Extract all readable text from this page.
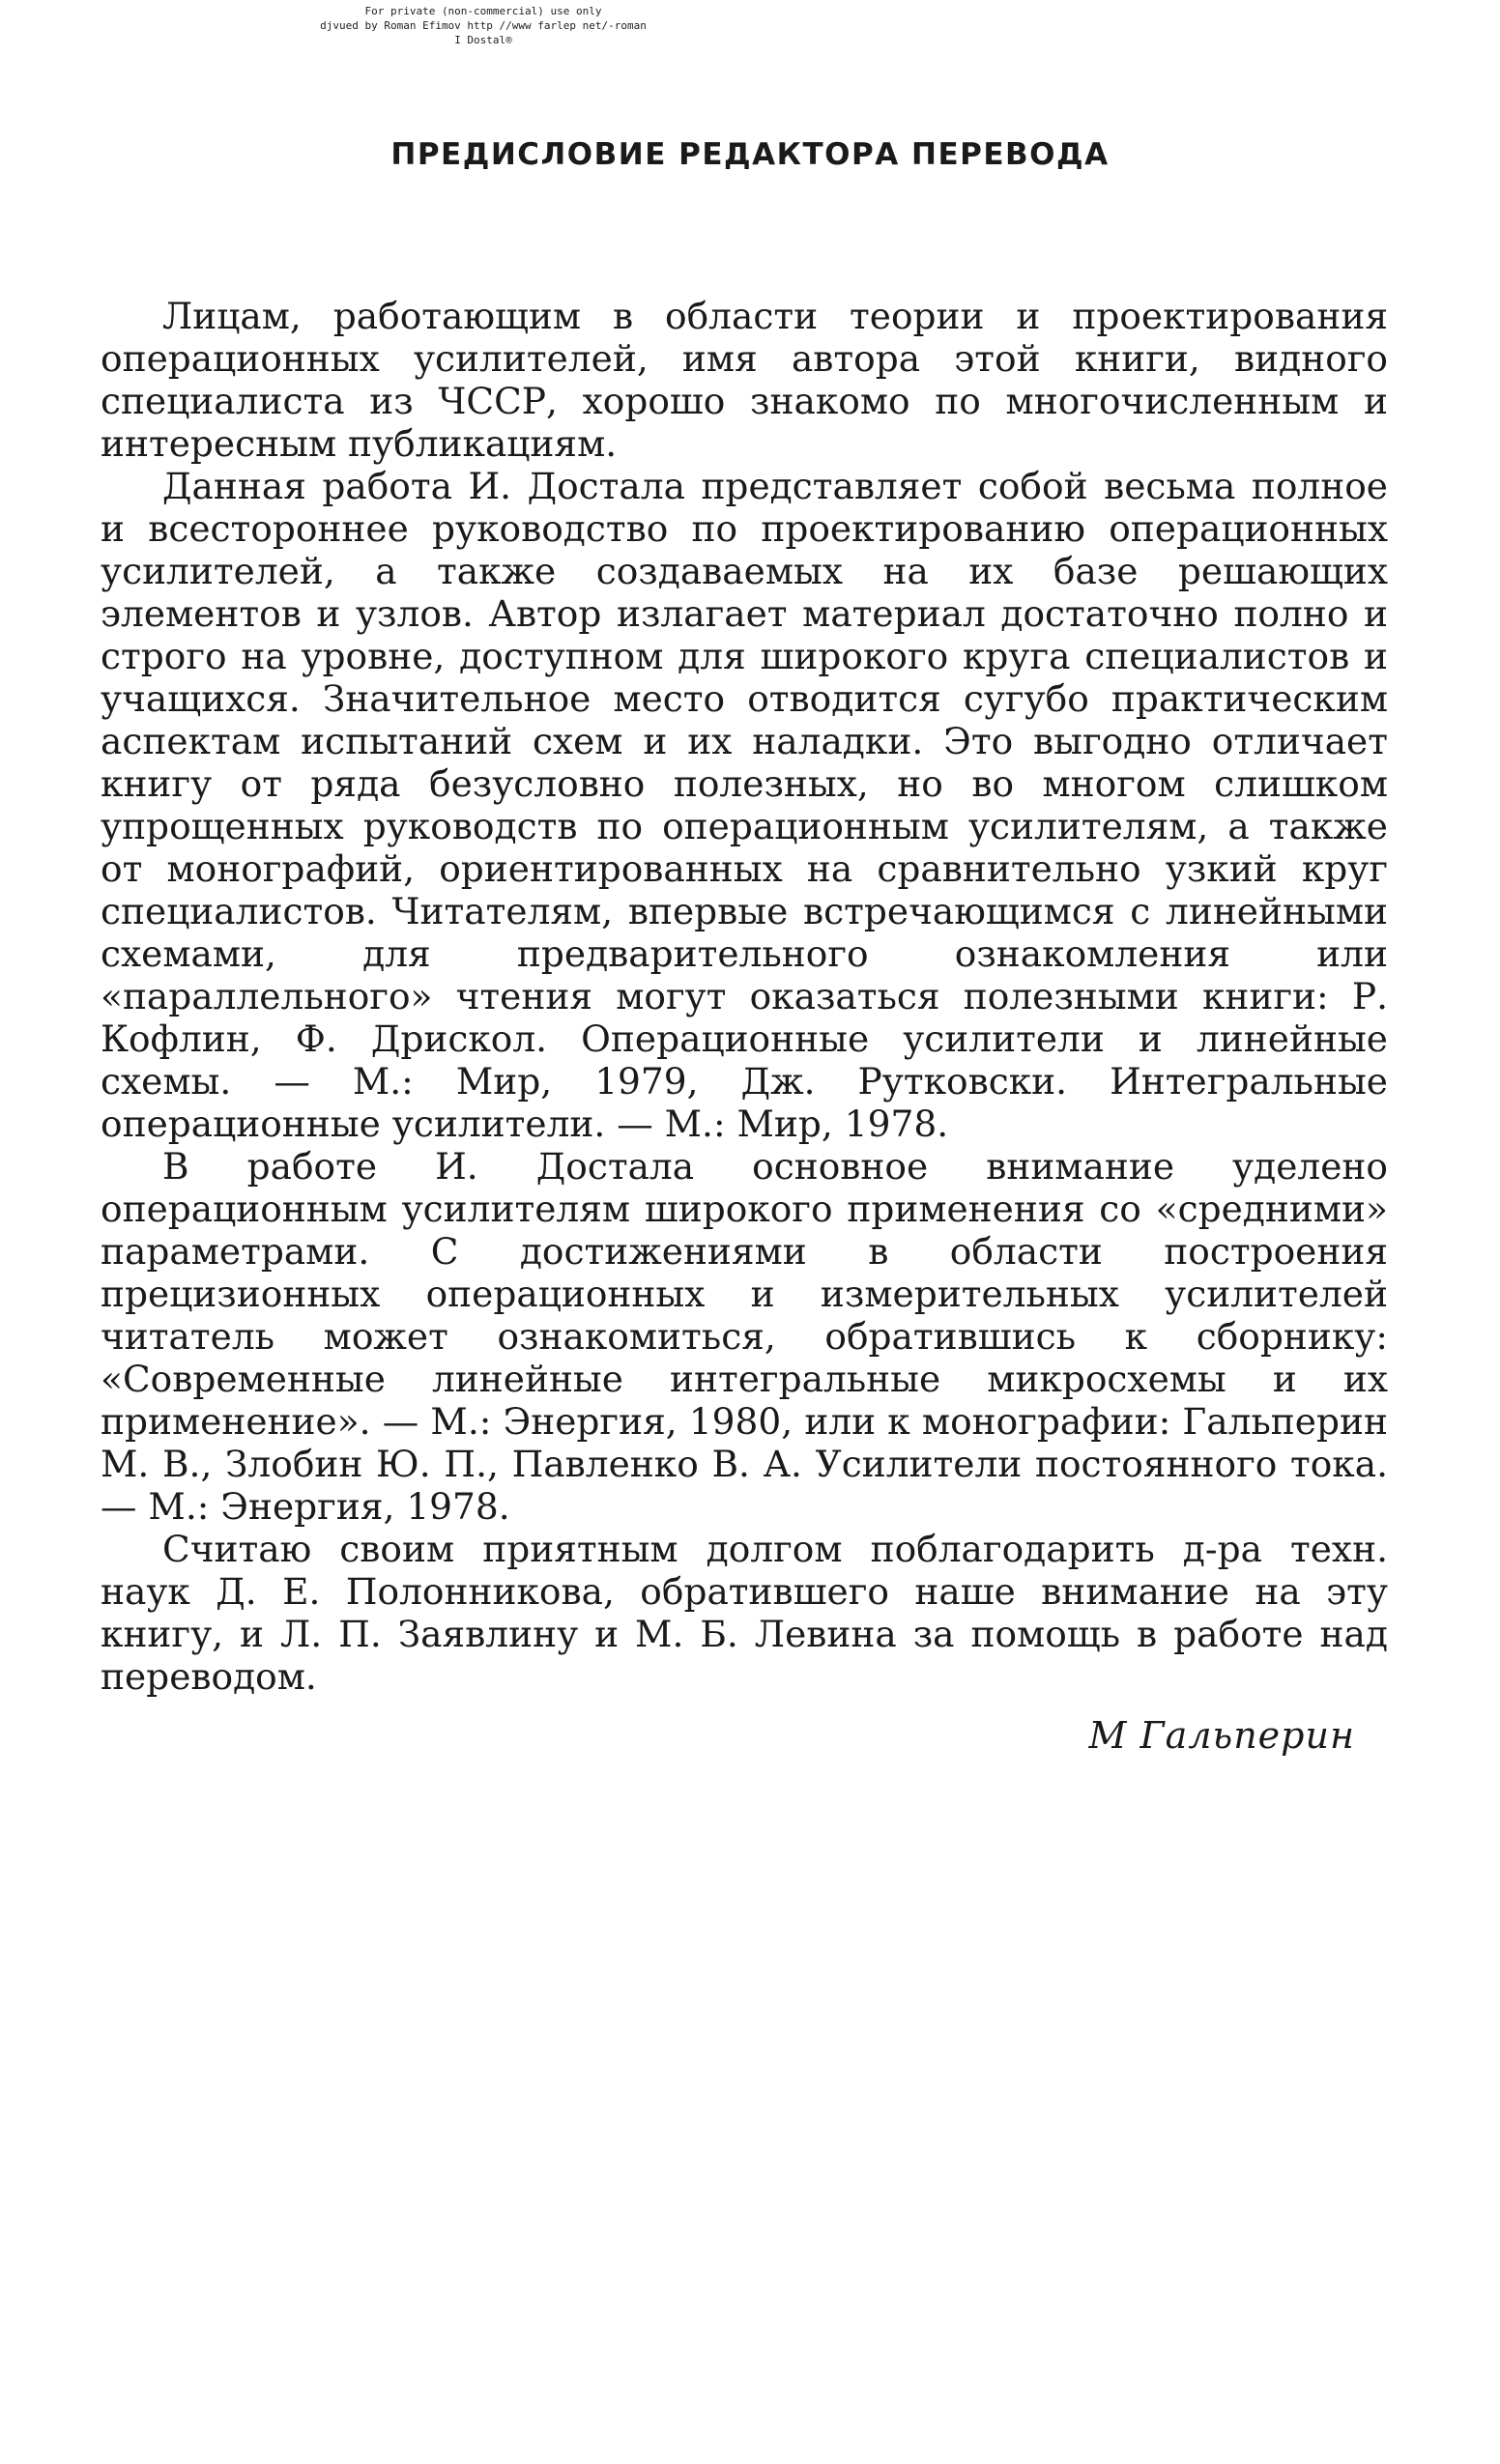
For private (non-commercial) use only
djvued by Roman Efimov http //www farlep net/-roman
I Dostal®
ПРЕДИСЛОВИЕ РЕДАКТОРА ПЕРЕВОДА

Лицам, работающим в области теории и проектирования операционных усилителей, имя автора этой книги, видного специалиста из ЧССР, хорошо знакомо по многочисленным и интересным публикациям.

Данная работа И. Достала представляет собой весьма полное и всестороннее руководство по проектированию операционных усилителей, а также создаваемых на их базе решающих элементов и узлов. Автор излагает материал достаточно полно и строго на уровне, доступном для широкого круга специалистов и учащихся. Значительное место отводится сугубо практическим аспектам испытаний схем и их наладки. Это выгодно отличает книгу от ряда безусловно полезных, но во многом слишком упрощенных руководств по операционным усилителям, а также от монографий, ориентированных на сравнительно узкий круг специалистов. Читателям, впервые встречающимся с линейными схемами, для предварительного ознакомления или «параллельного» чтения могут оказаться полезными книги: Р. Кофлин, Ф. Дрискол. Операционные усилители и линейные схемы. — М.: Мир, 1979, Дж. Рутковски. Интегральные операционные усилители. — М.: Мир, 1978.

В работе И. Достала основное внимание уделено операционным усилителям широкого применения со «средними» параметрами. С достижениями в области построения прецизионных операционных и измерительных усилителей читатель может ознакомиться, обратившись к сборнику: «Современные линейные интегральные микросхемы и их применение». — М.: Энергия, 1980, или к монографии: Гальперин М. В., Злобин Ю. П., Павленко В. А. Усилители постоянного тока. — М.: Энергия, 1978.

Считаю своим приятным долгом поблагодарить д-ра техн. наук Д. Е. Полонникова, обратившего наше внимание на эту книгу, и Л. П. Заявлину и М. Б. Левина за помощь в работе над переводом.

М Гальперин
